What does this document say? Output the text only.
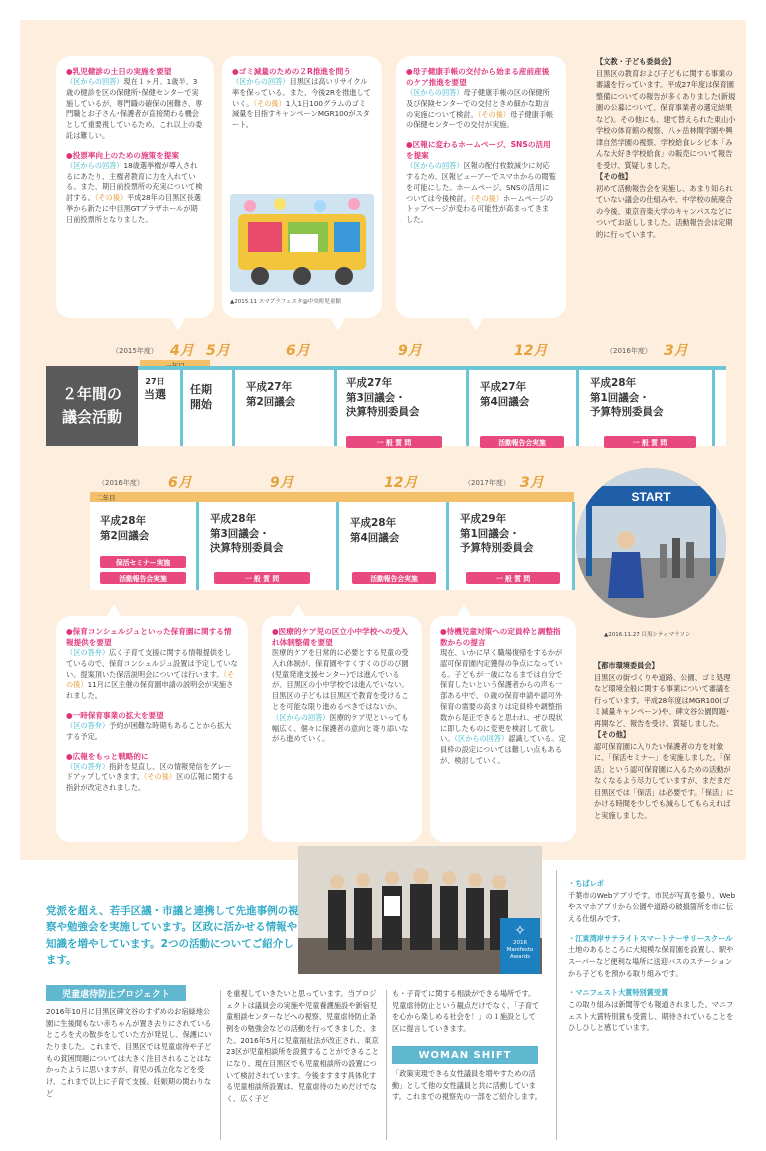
●乳児健診の土日の実施を要望
（区からの回答）現在１ヶ月、1歳半、3歳の健診を区の保健所･保健センターで実施しているが、専門職の確保の困難さ、専門職とお子さん･保護者が直接関わる機会として重要視しているため、これ以上の委託は難しい。
●投票率向上のための施策を提案
（区からの回答）18歳選挙権が導入されるにあたり、主権者教育に力を入れている。また、期日前投票所の充実について検討する。（その後）平成28年の目黒区長選挙から新たに中目黒GTプラザホールが期日前投票所となりました。
●ゴミ減量のための２R推進を問う
（区からの回答）目黒区は高いリサイクル率を保っている。また、今後2Rを推進していく。（その後）1人1日100グラムのゴミ減量を目指すキャンペーンMGR100がスタート。
▲2015.11 スマプラフェスタ@中央町児童館
●母子健康手帳の交付から始まる産前産後のケア推進を要望
（区からの回答）母子健康手帳の区の保健所及び保険センターでの交付ときめ細かな助言の実施について検討。（その後）母子健康手帳の保健センターでの交付が実施。
●区報に変わるホームページ、SNSの活用を提案
（区からの回答）区報の配付枚数減少に対応するため、区報ビューアーでスマホからの閲覧を可能にした。ホームページ、SNSの活用については今後検討。（その後）ホームページのトップページが変わる可能性が高まってきました。
【文教・子ども委員会】
目黒区の教育および子どもに関する事業の審議を行っています。平成27年度は保育園整備についての報告が多くありました(新規園の公募について、保育事業者の選定結果など)。その他にも、建て替えられた東山小学校の体育館の視察、八ヶ岳林間学園や興津自然学園の視察、学校給食レシピ本「みんな大好き学校給食」の販売について報告を受け、質疑しました。
【その他】
初めて活動報告会を実施し、あまり知られていない議会の仕組みや、中学校の統廃合の今後、東京音楽大学のキャンパスなどについてお話ししました。活動報告会は定期的に行っています。
（2015年度） 4月 5月	6月	9月	12月	（2016年度） 3月
２年間の
議会活動
27日
当選 任期
開始
平成27年
第2回議会
平成27年
第3回議会・
決算特別委員会
一 般 質 問
平成27年
第4回議会
活動報告会実施
平成28年
第1回議会・
予算特別委員会
一 般 質 問
（2016年度） 6月	9月	12月	（2017年度） 3月
二年目
平成28年
第2回議会
保活セミナー実施
活動報告会実施
平成28年
第3回議会・
決算特別委員会
一 般 質 問
平成28年
第4回議会
活動報告会実施
平成29年
第1回議会・
予算特別委員会
一 般 質 問
START
▲2016.11.27 目黒シティマラソン
●保育コンシェルジュといった保育園に関する情報提供を要望
（区の答弁）広く子育て支援に関する情報提供をしているので、保育コンシェルジュ設置は予定していない。提案頂いた保活説明会については行います。（その後）11月に区主催の保育園申請の説明会が実施されました。
●一時保育事業の拡大を要望
（区の答弁）予約が困難な時期もあることから拡大する予定。
●広報をもっと戦略的に
（区の答弁）指針を見直し、区の情報発信をグレードアップしていきます。（その後）区の広報に関する指針が改定されました。
●医療的ケア児の区立小中学校への受入れ体制整備を要望
医療的ケアを日常的に必要とする児童の受入れ体制が、保育園やすくすくのびのび園(児童発達支援センター)では進んでいるが、目黒区の小中学校では進んでいない。目黒区の子どもは目黒区で教育を受けることを可能な限り進めるべきではないか。
（区からの回答）医療的ケア児といっても幅広く、個々に保護者の意向と寄り添いながら進めていく。
●待機児童対策への定員枠と調整指数からの提言
現在、いかに早く職場復帰をするかが認可保育園内定獲得の争点になっている。子どもが一歳になるまでは自分で保育したいという保護者からの声も一部ある中で、０歳の保育申請や認可外保育の需要の高まりは定員枠や調整指数から是正できると思われ、ぜひ現状に即したものに変更を検討して欲しい。（区からの回答）認識している。定員枠の設定については難しい点もあるが、検討していく。
【都市環境委員会】
目黒区の街づくりや道路、公園、ゴミ処理など環境全般に関する事業について審議を行っています。平成28年度はMGR100(ゴミ減量キャンペーン)や、碑文谷公園問題･再開など、報告を受け、質疑しました。
【その他】
認可保育園に入りたい保護者の方を対象に、「保活セミナー」を実施しました。「保活」という認可保育園に入るための活動がなくなるよう尽力していますが、まだまだ目黒区では「保活」は必要です。「保活」にかける時間を少しでも減らしてもらえればと実施しました。
✧
2016
Manifesto
Awards
党派を超え、若手区議・市議と連携して先進事例の視察や勉強会を実施しています。区政に活かせる情報や知識を増やしています。2つの活動についてご紹介します。
児童虐待防止プロジェクト
2016年10月に目黒区碑文谷のすずめのお宿緑地公園に生後間もない赤ちゃんが置き去りにされているところを犬の散歩をしていた方が発見し、保護にいたりました。これまで、目黒区では児童虐待や子どもの貧困問題については大きく注目されることはなかったように思いますが、育児の孤立化などを受け、これまで以上に子育て支援、妊娠期の関わりなど
を重視していきたいと思っています。当プロジェクトは議員会の実施や児童養護施設や新宿児童相談センターなどへの視察、児童虐待防止条例をの勉強会などの活動を行ってきました。また、2016年5月に児童福祉法が改正され、東京23区が児童相談所を設置することができることになり、現在目黒区でも児童相談所の設置について検討されています。今後ますます具体化する児童相談所設置は、児童虐待のためだけでなく、広く子ど
も・子育てに関する相談ができる場所です。児童虐待防止という観点だけでなく、「子育てを心から楽しめる社会を！」の１施設として区に提言していきます。
WOMAN SHIFT
「政策実現できる女性議員を増やすための活動」として他の女性議員と共に活動しています。これまでの視察先の一部をご紹介します。
・ちばレポ
千葉市のWebアプリです。市民が写真を撮り、Webやスマホアプリから公園や道路の破損箇所を市に伝える仕組みです。
・江東湾岸サテライトスマートナーサリースクール
土地のあるところに大規模な保育園を設置し、駅やスーパーなど便利な場所に送迎バスのステーションから子どもを預かる取り組みです。
・マニフェスト大賞特別賞受賞
この取り組みは新聞等でも報道されました。マニフェスト大賞特別賞も受賞し、期待されていることをひしひしと感じています。
